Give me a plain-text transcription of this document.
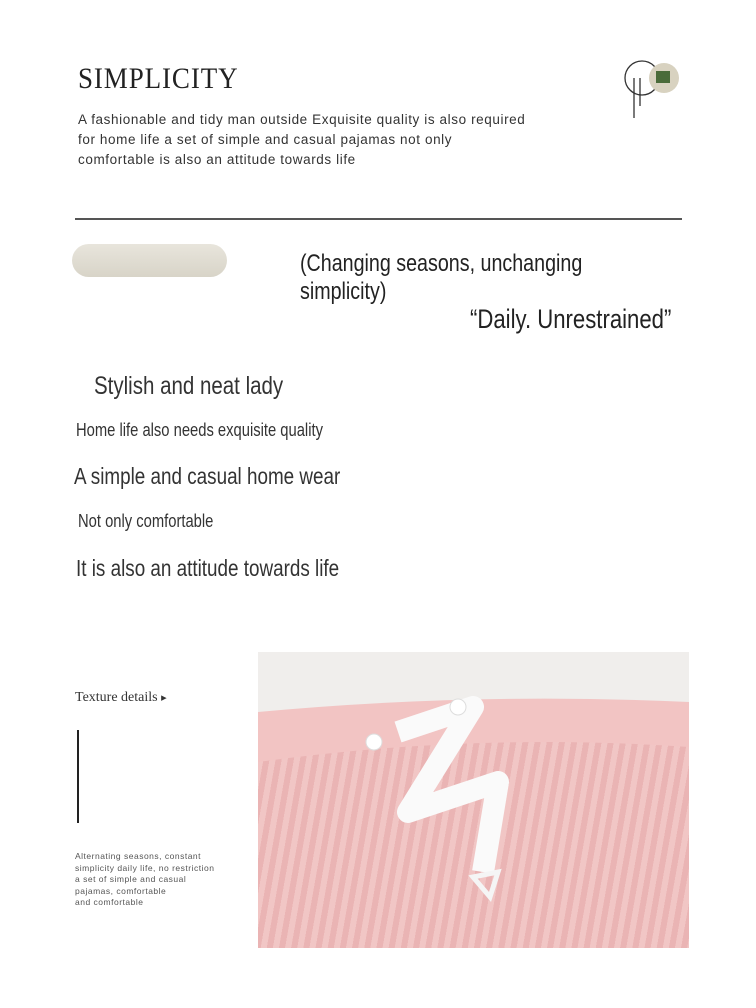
SIMPLICITY

A fashionable and tidy man outside Exquisite quality is also required

for home life a set of simple and casual pajamas not only

comfortable is also an attitude towards life

(Changing seasons, unchanging simplicity)
“Daily. Unrestrained”
Stylish and neat lady
Home life also needs exquisite quality
A simple and casual home wear
Not only comfortable
It is also an attitude towards life
Texture details ▸
Alternating seasons, constant
simplicity daily life, no restriction
a set of simple and casual
pajamas, comfortable
and comfortable
